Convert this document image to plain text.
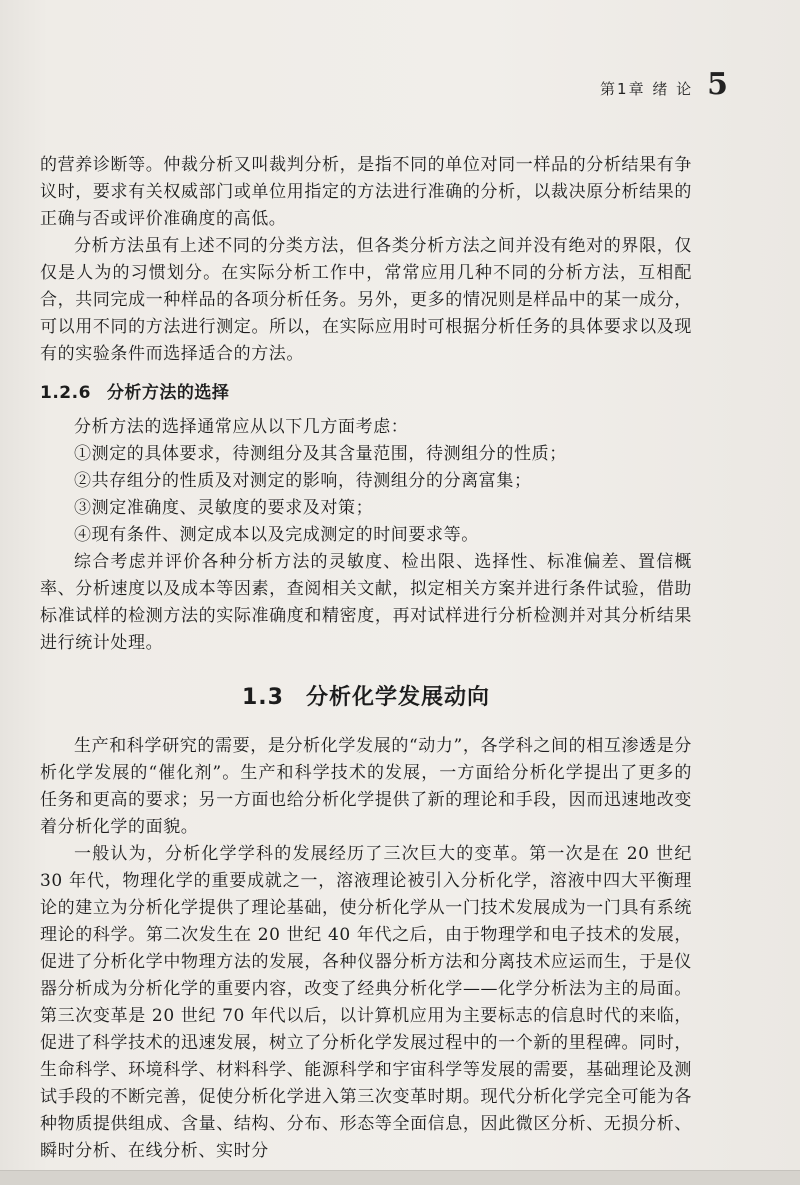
第1章 绪 论 5

的营养诊断等。仲裁分析又叫裁判分析，是指不同的单位对同一样品的分析结果有争议时，要求有关权威部门或单位用指定的方法进行准确的分析，以裁决原分析结果的正确与否或评价准确度的高低。

分析方法虽有上述不同的分类方法，但各类分析方法之间并没有绝对的界限，仅仅是人为的习惯划分。在实际分析工作中，常常应用几种不同的分析方法，互相配合，共同完成一种样品的各项分析任务。另外，更多的情况则是样品中的某一成分，可以用不同的方法进行测定。所以，在实际应用时可根据分析任务的具体要求以及现有的实验条件而选择适合的方法。

1.2.6 分析方法的选择

分析方法的选择通常应从以下几方面考虑：

①测定的具体要求，待测组分及其含量范围，待测组分的性质；
②共存组分的性质及对测定的影响，待测组分的分离富集；
③测定准确度、灵敏度的要求及对策；
④现有条件、测定成本以及完成测定的时间要求等。

综合考虑并评价各种分析方法的灵敏度、检出限、选择性、标准偏差、置信概率、分析速度以及成本等因素，查阅相关文献，拟定相关方案并进行条件试验，借助标准试样的检测方法的实际准确度和精密度，再对试样进行分析检测并对其分析结果进行统计处理。

1.3 分析化学发展动向

生产和科学研究的需要，是分析化学发展的“动力”，各学科之间的相互渗透是分析化学发展的“催化剂”。生产和科学技术的发展，一方面给分析化学提出了更多的任务和更高的要求；另一方面也给分析化学提供了新的理论和手段，因而迅速地改变着分析化学的面貌。

一般认为，分析化学学科的发展经历了三次巨大的变革。第一次是在 20 世纪 30 年代，物理化学的重要成就之一，溶液理论被引入分析化学，溶液中四大平衡理论的建立为分析化学提供了理论基础，使分析化学从一门技术发展成为一门具有系统理论的科学。第二次发生在 20 世纪 40 年代之后，由于物理学和电子技术的发展，促进了分析化学中物理方法的发展，各种仪器分析方法和分离技术应运而生，于是仪器分析成为分析化学的重要内容，改变了经典分析化学——化学分析法为主的局面。第三次变革是 20 世纪 70 年代以后，以计算机应用为主要标志的信息时代的来临，促进了科学技术的迅速发展，树立了分析化学发展过程中的一个新的里程碑。同时，生命科学、环境科学、材料科学、能源科学和宇宙科学等发展的需要，基础理论及测试手段的不断完善，促使分析化学进入第三次变革时期。现代分析化学完全可能为各种物质提供组成、含量、结构、分布、形态等全面信息，因此微区分析、无损分析、瞬时分析、在线分析、实时分
